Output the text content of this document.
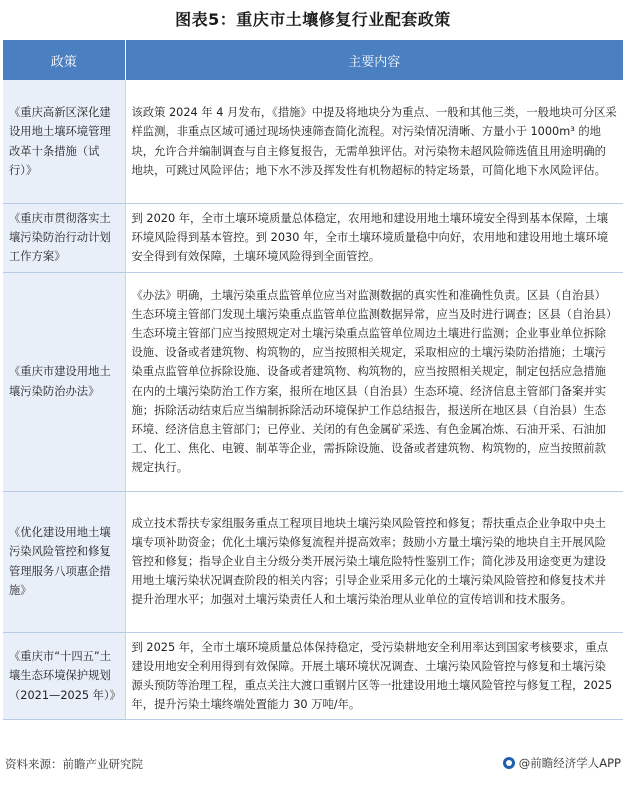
图表5：重庆市土壤修复行业配套政策
政策	主要内容
《重庆高新区深化建设用地土壤环境管理改革十条措施（试行）》	该政策 2024 年 4 月发布，《措施》中提及将地块分为重点、一般和其他三类，一般地块可分区采样监测，非重点区域可通过现场快速筛查简化流程。对污染情况清晰、方量小于 1000m³ 的地块，允许合并编制调查与自主修复报告，无需单独评估。对污染物未超风险筛选值且用途明确的地块，可跳过风险评估；地下水不涉及挥发性有机物超标的特定场景，可简化地下水风险评估。
《重庆市贯彻落实土壤污染防治行动计划工作方案》	到 2020 年，全市土壤环境质量总体稳定，农用地和建设用地土壤环境安全得到基本保障，土壤环境风险得到基本管控。到 2030 年，全市土壤环境质量稳中向好，农用地和建设用地土壤环境安全得到有效保障，土壤环境风险得到全面管控。
《重庆市建设用地土壤污染防治办法》	《办法》明确，土壤污染重点监管单位应当对监测数据的真实性和准确性负责。区县（自治县）生态环境主管部门发现土壤污染重点监管单位监测数据异常，应当及时进行调查；区县（自治县）生态环境主管部门应当按照规定对土壤污染重点监管单位周边土壤进行监测；企业事业单位拆除设施、设备或者建筑物、构筑物的，应当按照相关规定，采取相应的土壤污染防治措施；土壤污染重点监管单位拆除设施、设备或者建筑物、构筑物的，应当按照相关规定，制定包括应急措施在内的土壤污染防治工作方案，报所在地区县（自治县）生态环境、经济信息主管部门备案并实施；拆除活动结束后应当编制拆除活动环境保护工作总结报告，报送所在地区县（自治县）生态环境、经济信息主管部门；已停业、关闭的有色金属矿采选、有色金属冶炼、石油开采、石油加工、化工、焦化、电镀、制革等企业，需拆除设施、设备或者建筑物、构筑物的，应当按照前款规定执行。
《优化建设用地土壤污染风险管控和修复管理服务八项惠企措施》	成立技术帮扶专家组服务重点工程项目地块土壤污染风险管控和修复；帮扶重点企业争取中央土壤专项补助资金；优化土壤污染修复流程并提高效率；鼓励小方量土壤污染的地块自主开展风险管控和修复；指导企业自主分级分类开展污染土壤危险特性鉴别工作；简化涉及用途变更为建设用地土壤污染状况调查阶段的相关内容；引导企业采用多元化的土壤污染风险管控和修复技术并提升治理水平；加强对土壤污染责任人和土壤污染治理从业单位的宣传培训和技术服务。
《重庆市“十四五”土壤生态环境保护规划（2021—2025 年）》	到 2025 年，全市土壤环境质量总体保持稳定，受污染耕地安全利用率达到国家考核要求，重点建设用地安全利用得到有效保障。开展土壤环境状况调查、土壤污染风险管控与修复和土壤污染源头预防等治理工程，重点关注大渡口重钢片区等一批建设用地土壤风险管控与修复工程，2025 年，提升污染土壤终端处置能力 30 万吨/年。
资料来源：前瞻产业研究院	@前瞻经济学人APP
